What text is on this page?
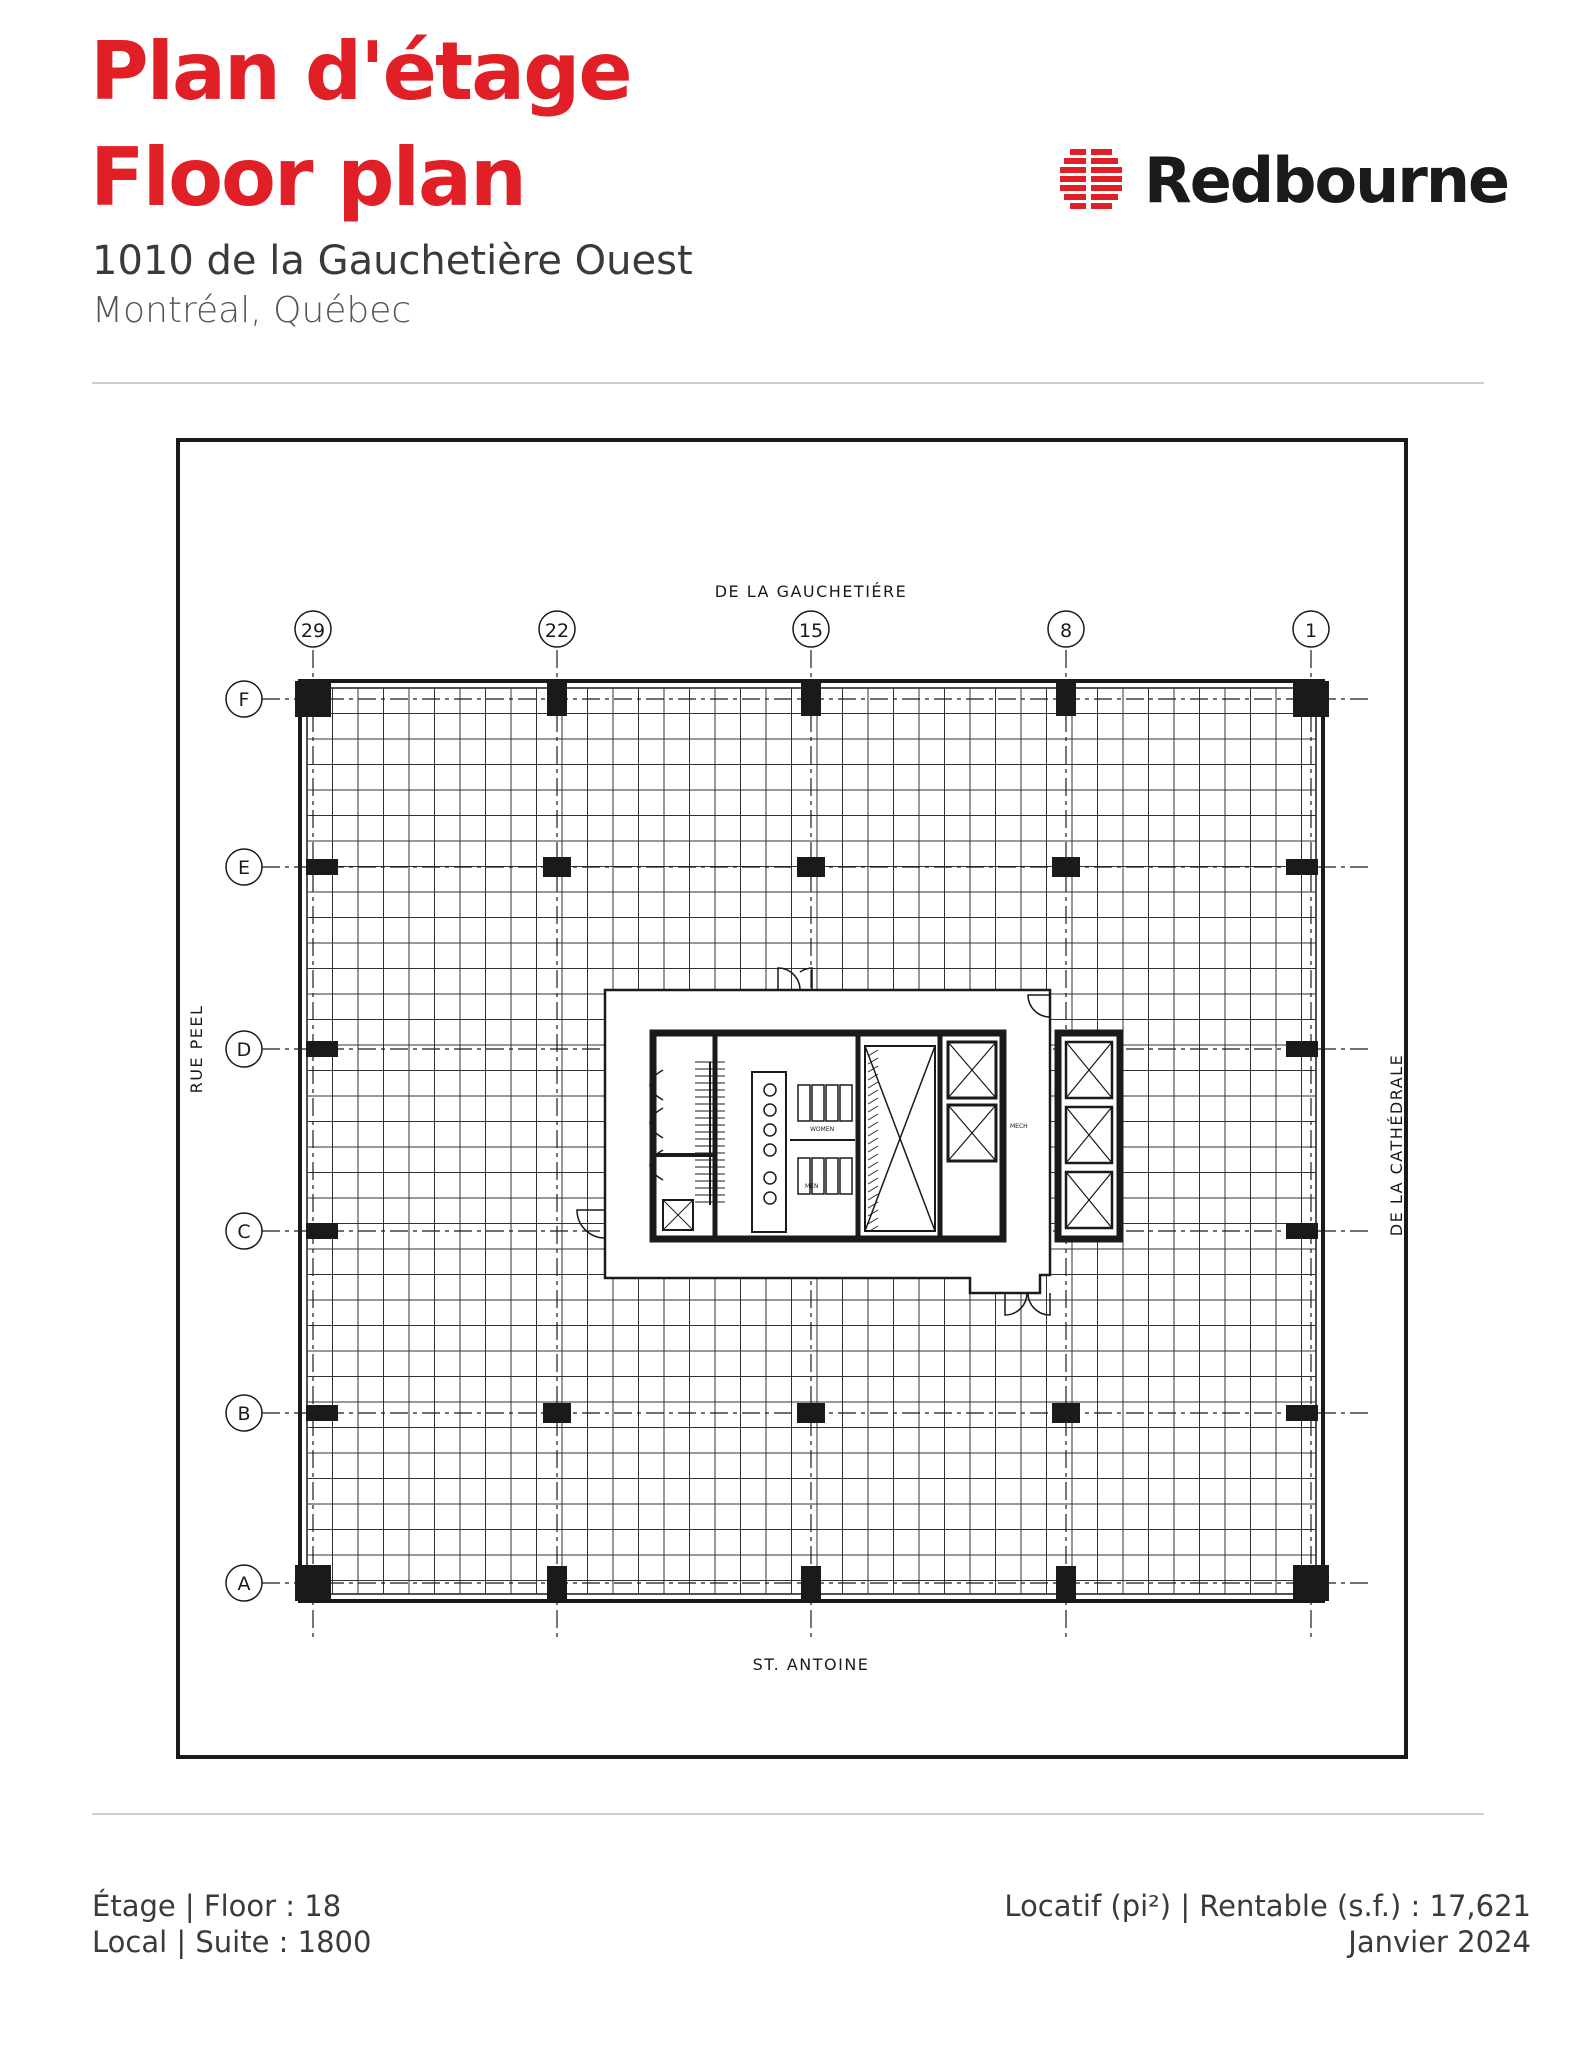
Plan d'étage
Floor plan
1010 de la Gauchetière Ouest
Montréal, Québec
Redbourne
29	22	15	8	1
F
E
D
C
B
A
WOMEN
MEN
MECH
DE LA GAUCHETIÉRE
ST. ANTOINE
RUE PEEL
DE LA CATHÉDRALE
Étage | Floor : 18
Local | Suite : 1800
Locatif (pi²) | Rentable (s.f.) : 17,621
Janvier 2024
